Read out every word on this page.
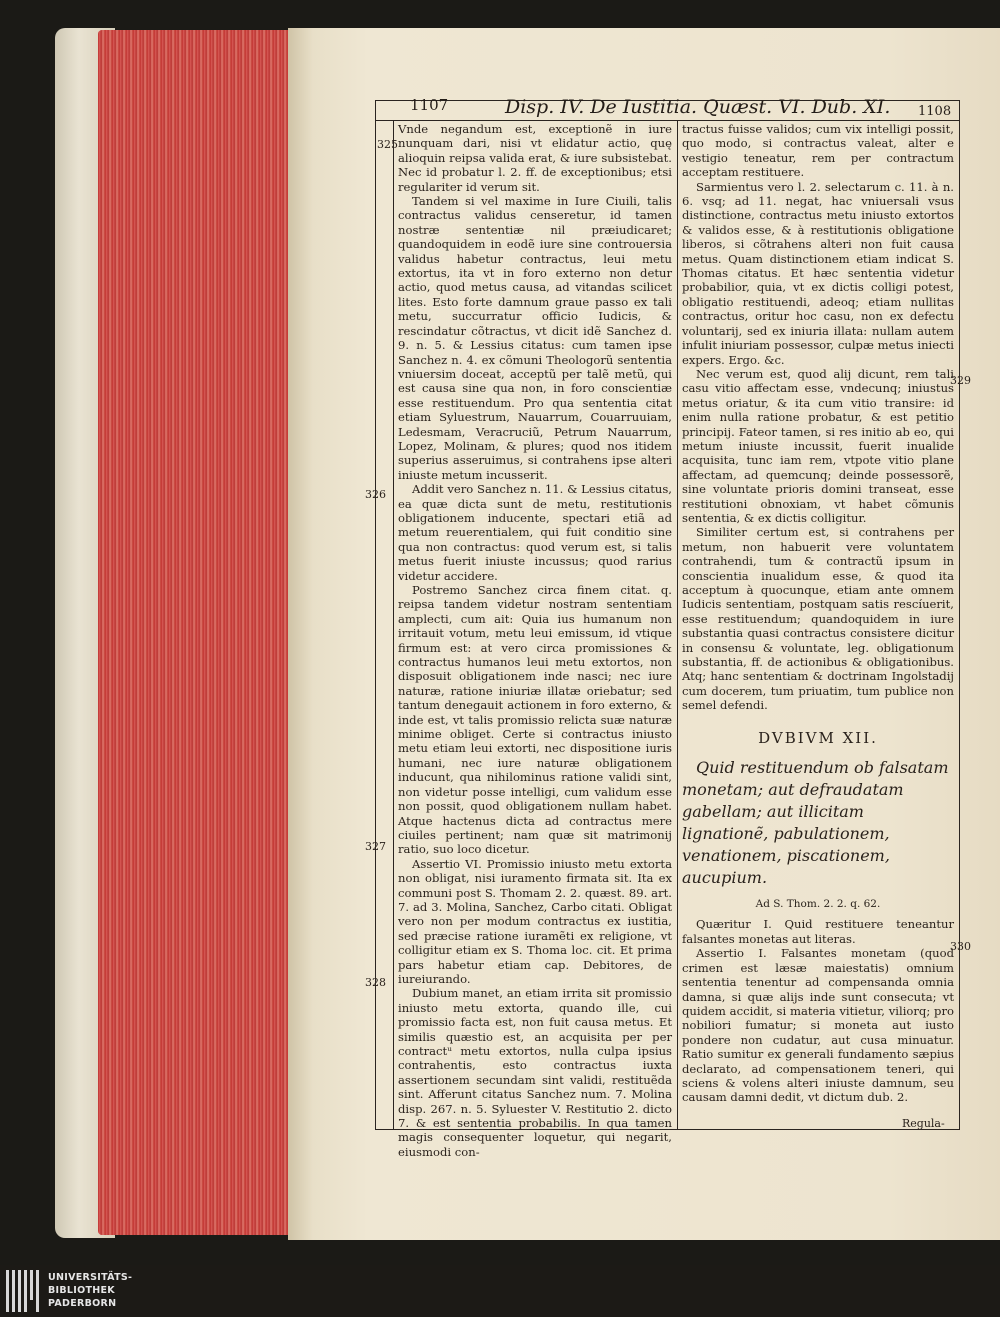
1107	Disp. IV. De Iustitia. Quæst. VI. Dub. XI. 1108
325
326
327
328
329
330

Vnde negandum est, exceptionẽ in iure nunquam dari, nisi vt elidatur actio, quę alioquin reipsa valida erat, & iure subsistebat. Nec id probatur l. 2. ff. de exceptionibus; etsi regulariter id verum sit.

Tandem si vel maxime in Iure Ciuili, talis contractus validus censeretur, id tamen nostræ sententiæ nil præiudicaret; quandoquidem in eodẽ iure sine controuersia validus habetur contractus, leui metu extortus, ita vt in foro externo non detur actio, quod metus causa, ad vitandas scilicet lites. Esto forte damnum graue passo ex tali metu, succurratur officio Iudicis, & rescindatur cõtractus, vt dicit idẽ Sanchez d. 9. n. 5. & Lessius citatus: cum tamen ipse Sanchez n. 4. ex cõmuni Theologorũ sententia vniuersim doceat, acceptũ per talẽ metũ, qui est causa sine qua non, in foro conscientiæ esse restituendum. Pro qua sententia citat etiam Syluestrum, Nauarrum, Couarruuiam, Ledesmam, Veracruciũ, Petrum Nauarrum, Lopez, Molinam, & plures; quod nos itidem superius asseruimus, si contrahens ipse alteri iniuste metum incusserit.

Addit vero Sanchez n. 11. & Lessius citatus, ea quæ dicta sunt de metu, restitutionis obligationem inducente, spectari etiã ad metum reuerentialem, qui fuit conditio sine qua non contractus: quod verum est, si talis metus fuerit iniuste incussus; quod rarius videtur accidere.

Postremo Sanchez circa finem citat. q. reipsa tandem videtur nostram sententiam amplecti, cum ait: Quia ius humanum non irritauit votum, metu leui emissum, id vtique firmum est: at vero circa promissiones & contractus humanos leui metu extortos, non disposuit obligationem inde nasci; nec iure naturæ, ratione iniuriæ illatæ oriebatur; sed tantum denegauit actionem in foro externo, & inde est, vt talis promissio relicta suæ naturæ minime obliget. Certe si contractus iniusto metu etiam leui extorti, nec dispositione iuris humani, nec iure naturæ obligationem inducunt, qua nihilominus ratione validi sint, non videtur posse intelligi, cum validum esse non possit, quod obligationem nullam habet. Atque hactenus dicta ad contractus mere ciuiles pertinent; nam quæ sit matrimonij ratio, suo loco dicetur.

Assertio VI. Promissio iniusto metu extorta non obligat, nisi iuramento firmata sit. Ita ex communi post S. Thomam 2. 2. quæst. 89. art. 7. ad 3. Molina, Sanchez, Carbo citati. Obligat vero non per modum contractus ex iustitia, sed præcise ratione iuramẽti ex religione, vt colligitur etiam ex S. Thoma loc. cit. Et prima pars habetur etiam cap. Debitores, de iureiurando.

Dubium manet, an etiam irrita sit promissio iniusto metu extorta, quando ille, cui promissio facta est, non fuit causa metus. Et similis quæstio est, an acquisita per per contractᵘ metu extortos, nulla culpa ipsius contrahentis, esto contractus iuxta assertionem secundam sint validi, restituẽda sint. Afferunt citatus Sanchez num. 7. Molina disp. 267. n. 5. Syluester V. Restitutio 2. dicto 7. & est sententia probabilis. In qua tamen magis consequenter loquetur, qui negarit, eiusmodi con-

tractus fuisse validos; cum vix intelligi possit, quo modo, si contractus valeat, alter e vestigio teneatur, rem per contractum acceptam restituere.

Sarmientus vero l. 2. selectarum c. 11. à n. 6. vsq; ad 11. negat, hac vniuersali vsus distinctione, contractus metu iniusto extortos & validos esse, & à restitutionis obligatione liberos, si cõtrahens alteri non fuit causa metus. Quam distinctionem etiam indicat S. Thomas citatus. Et hæc sententia videtur probabilior, quia, vt ex dictis colligi potest, obligatio restituendi, adeoq; etiam nullitas contractus, oritur hoc casu, non ex defectu voluntarij, sed ex iniuria illata: nullam autem infulit iniuriam possessor, culpæ metus iniecti expers. Ergo. &c.

Nec verum est, quod alij dicunt, rem tali casu vitio affectam esse, vndecunq; iniustus metus oriatur, & ita cum vitio transire: id enim nulla ratione probatur, & est petitio principij. Fateor tamen, si res initio ab eo, qui metum iniuste incussit, fuerit inualide acquisita, tunc iam rem, vtpote vitio plane affectam, ad quemcunq; deinde possessorẽ, sine voluntate prioris domini transeat, esse restitutioni obnoxiam, vt habet cõmunis sententia, & ex dictis colligitur.

Similiter certum est, si contrahens per metum, non habuerit vere voluntatem contrahendi, tum & contractũ ipsum in conscientia inualidum esse, & quod ita acceptum à quocunque, etiam ante omnem Iudicis sententiam, postquam satis rescíuerit, esse restituendum; quandoquidem in iure substantia quasi contractus consistere dicitur in consensu & voluntate, leg. obligationum substantia, ff. de actionibus & obligationibus. Atq; hanc sententiam & doctrinam Ingolstadij cum docerem, tum priuatim, tum publice non semel defendi.

DVBIVM XII.

Quid restituendum ob falsatam monetam; aut defraudatam gabellam; aut illicitam lignationẽ, pabulationem, venationem, piscationem, aucupium.

Ad S. Thom. 2. 2. q. 62.

Quæritur I. Quid restituere teneantur falsantes monetas aut literas.

Assertio I. Falsantes monetam (quod crimen est læsæ maiestatis) omnium sententia tenentur ad compensanda omnia damna, si quæ alijs inde sunt consecuta; vt quidem accidit, si materia vitietur, viliorq; pro nobiliori fumatur; si moneta aut iusto pondere non cudatur, aut cusa minuatur. Ratio sumitur ex generali fundamento sæpius declarato, ad compensationem teneri, qui sciens & volens alteri iniuste damnum, seu causam damni dedit, vt dictum dub. 2.

Regula-
UNIVERSITÄTS-
BIBLIOTHEK
PADERBORN
